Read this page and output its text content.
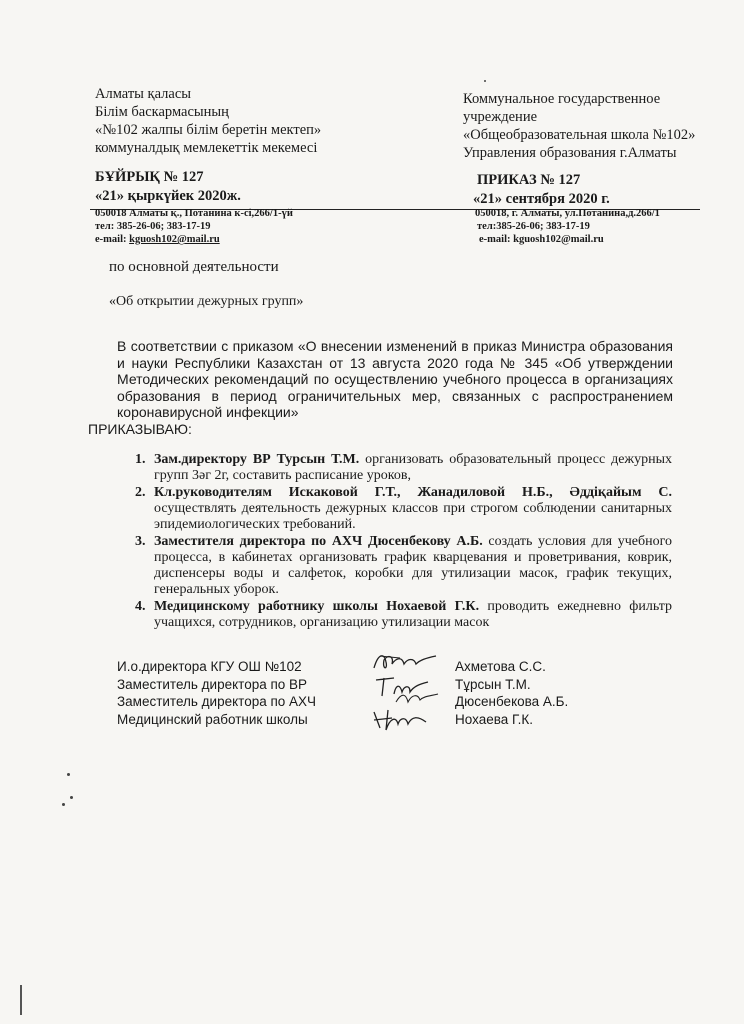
Алматы қаласы
Білім баскармасының
«№102 жалпы білім беретін мектеп»
коммуналдық мемлекеттік мекемесі
Коммунальное государственное
учреждение
«Общеобразовательная школа №102»
Управления образования г.Алматы
БҰЙРЫҚ № 127
«21» қыркүйек 2020ж.
ПРИКАЗ № 127
«21» сентября 2020 г.
050018 Алматы қ., Потанина к-сі,266/1-үй
тел: 385-26-06; 383-17-19
e-mail: kguosh102@mail.ru
050018, г. Алматы, ул.Потанина,д.266/1
тел:385-26-06; 383-17-19
e-mail: kguosh102@mail.ru
по основной деятельности
«Об открытии дежурных групп»
В соответствии с приказом «О внесении изменений в приказ Министра образования и науки Республики Казахстан от 13 августа 2020 года № 345 «Об утверждении Методических рекомендаций по осуществлению учебного процесса в организациях образования в период ограничительных мер, связанных с распространением коронавирусной инфекции»
ПРИКАЗЫВАЮ:
1. Зам.директору ВР Турсын Т.М. организовать образовательный процесс дежурных групп 3әг 2г, составить расписание уроков,
2. Кл.руководителям Искаковой Г.Т., Жанадиловой Н.Б., Әддіқайым С. осуществлять деятельность дежурных классов при строгом соблюдении санитарных эпидемиологических требований.
3. Заместителя директора по АХЧ Дюсенбекову А.Б. создать условия для учебного процесса, в кабинетах организовать график кварцевания и проветривания, коврик, диспенсеры воды и салфеток, коробки для утилизации масок, график текущих, генеральных уборок.
4. Медицинскому работнику школы Нохаевой Г.К. проводить ежедневно фильтр учащихся, сотрудников, организацию утилизации масок
И.о.директора КГУ ОШ №102	Ахметова С.С.
Заместитель директора по ВР	Тұрсын Т.М.
Заместитель директора по АХЧ	Дюсенбекова А.Б.
Медицинский работник школы	Нохаева Г.К.
